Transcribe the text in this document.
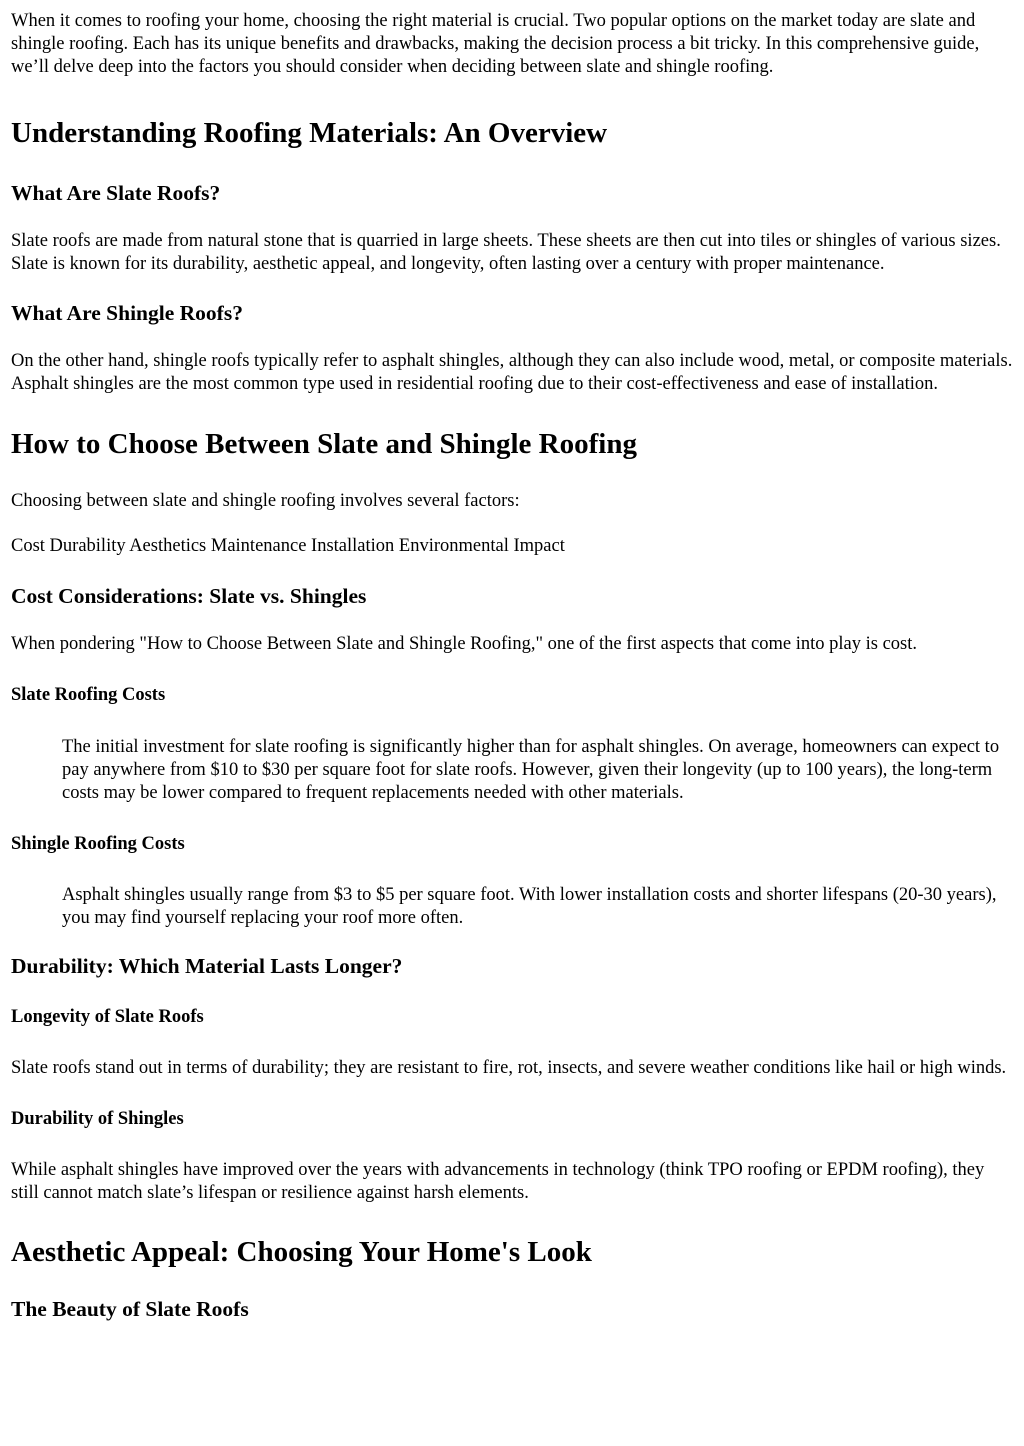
When it comes to roofing your home, choosing the right material is crucial. Two popular options on the market today are slate and shingle roofing. Each has its unique benefits and drawbacks, making the decision process a bit tricky. In this comprehensive guide, we’ll delve deep into the factors you should consider when deciding between slate and shingle roofing.

Understanding Roofing Materials: An Overview
What Are Slate Roofs?

Slate roofs are made from natural stone that is quarried in large sheets. These sheets are then cut into tiles or shingles of various sizes. Slate is known for its durability, aesthetic appeal, and longevity, often lasting over a century with proper maintenance.

What Are Shingle Roofs?

On the other hand, shingle roofs typically refer to asphalt shingles, although they can also include wood, metal, or composite materials. Asphalt shingles are the most common type used in residential roofing due to their cost-effectiveness and ease of installation.

How to Choose Between Slate and Shingle Roofing

Choosing between slate and shingle roofing involves several factors:

Cost Durability Aesthetics Maintenance Installation Environmental Impact

Cost Considerations: Slate vs. Shingles

When pondering "How to Choose Between Slate and Shingle Roofing," one of the first aspects that come into play is cost.

Slate Roofing Costs

The initial investment for slate roofing is significantly higher than for asphalt shingles. On average, homeowners can expect to pay anywhere from $10 to $30 per square foot for slate roofs. However, given their longevity (up to 100 years), the long-term costs may be lower compared to frequent replacements needed with other materials.

Shingle Roofing Costs

Asphalt shingles usually range from $3 to $5 per square foot. With lower installation costs and shorter lifespans (20-30 years), you may find yourself replacing your roof more often.

Durability: Which Material Lasts Longer?
Longevity of Slate Roofs

Slate roofs stand out in terms of durability; they are resistant to fire, rot, insects, and severe weather conditions like hail or high winds.

Durability of Shingles

While asphalt shingles have improved over the years with advancements in technology (think TPO roofing or EPDM roofing), they still cannot match slate’s lifespan or resilience against harsh elements.

Aesthetic Appeal: Choosing Your Home's Look
The Beauty of Slate Roofs
